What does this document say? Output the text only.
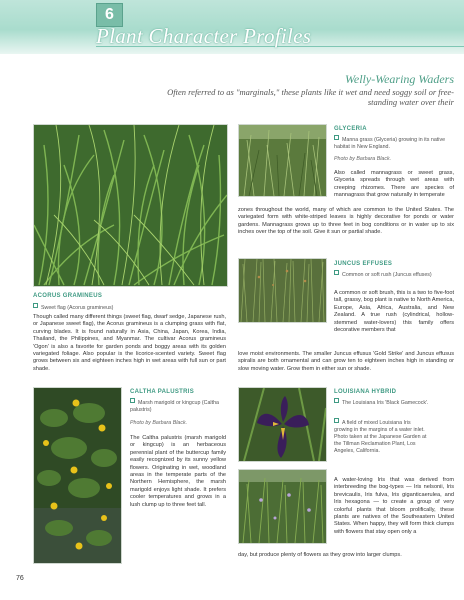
6
Plant Character Profiles
Welly-Wearing Waders
Often referred to as "marginals," these plants like it wet and need soggy soil or free-standing water over their
GLYCERIA
Manna grass (Glyceria) growing in its native habitat in New England.
Photo by Barbara Black.
Also called mannagrass or sweet grass, Glyceria spreads through wet areas with creeping rhizomes. There are species of mannagrass that grow naturally in temperate
zones throughout the world, many of which are common to the United States. The variegated form with white-striped leaves is highly decorative for ponds or water gardens. Mannagrass grows up to three feet in bog conditions or in water up to six inches over the top of the soil. Give it sun or partial shade.
JUNCUS EFFUSES
Common or soft rush (Juncus effuses)
A common or soft brush, this is a two to five-foot tall, grassy, bog plant is native to North America, Europe, Asia, Africa, Australia, and New Zealand. A true rush (cylindrical, hollow-stemmed water-lovers) this family offers decorative members that
love moist environments. The smaller Juncus effusus 'Gold Strike' and Juncus effusus spiralis are both ornamental and can grow ten to eighteen inches high in standing or slow moving water. Grow them in either sun or shade.
ACORUS GRAMINEUS
Sweet flag (Acorus gramineus)
Though called many different things (sweet flag, dwarf sedge, Japanese rush, or Japanese sweet flag), the Acorus gramineus is a clumping grass with flat, curving blades. It is found naturally in Asia, China, Japan, Korea, India, Thailand, the Philippines, and Myanmar. The cultivar Acorus gramineus 'Ogon' is also a favorite for garden ponds and boggy areas with its golden variegated foliage. Also popular is the licorice-scented variety. Sweet flag grows between six and eighteen inches high in wet areas with full sun or part shade.
CALTHA PALUSTRIS
Marsh marigold or kingcup (Caltha palustris)
Photo by Barbara Black.
The Caltha palustris (marsh marigold or kingcup) is an herbaceous perennial plant of the buttercup family easily recognized by its sunny yellow flowers. Originating in wet, woodland areas in the temperate parts of the Northern Hemisphere, the marsh marigold enjoys light shade. It prefers cooler temperatures and grows in a lush clump up to three feet tall.
LOUISIANA HYBRID
The Louisiana Iris 'Black Gamecock'.
A field of mixed Louisiana Iris growing in the margins of a water inlet. Photo taken at the Japanese Garden at the Tillman Reclamation Plant, Los Angeles, California.
A water-loving Iris that was derived from interbreeding the bog-types — Iris nelsonii, Iris brevicaulis, Iris fulva, Iris giganticaerulea, and Iris hexagona — to create a group of very colorful plants that bloom prolifically, these plants are natives of the Southeastern United States. When happy, they will form thick clumps with flowers that stay open only a
day, but produce plenty of flowers as they grow into larger clumps.
76
